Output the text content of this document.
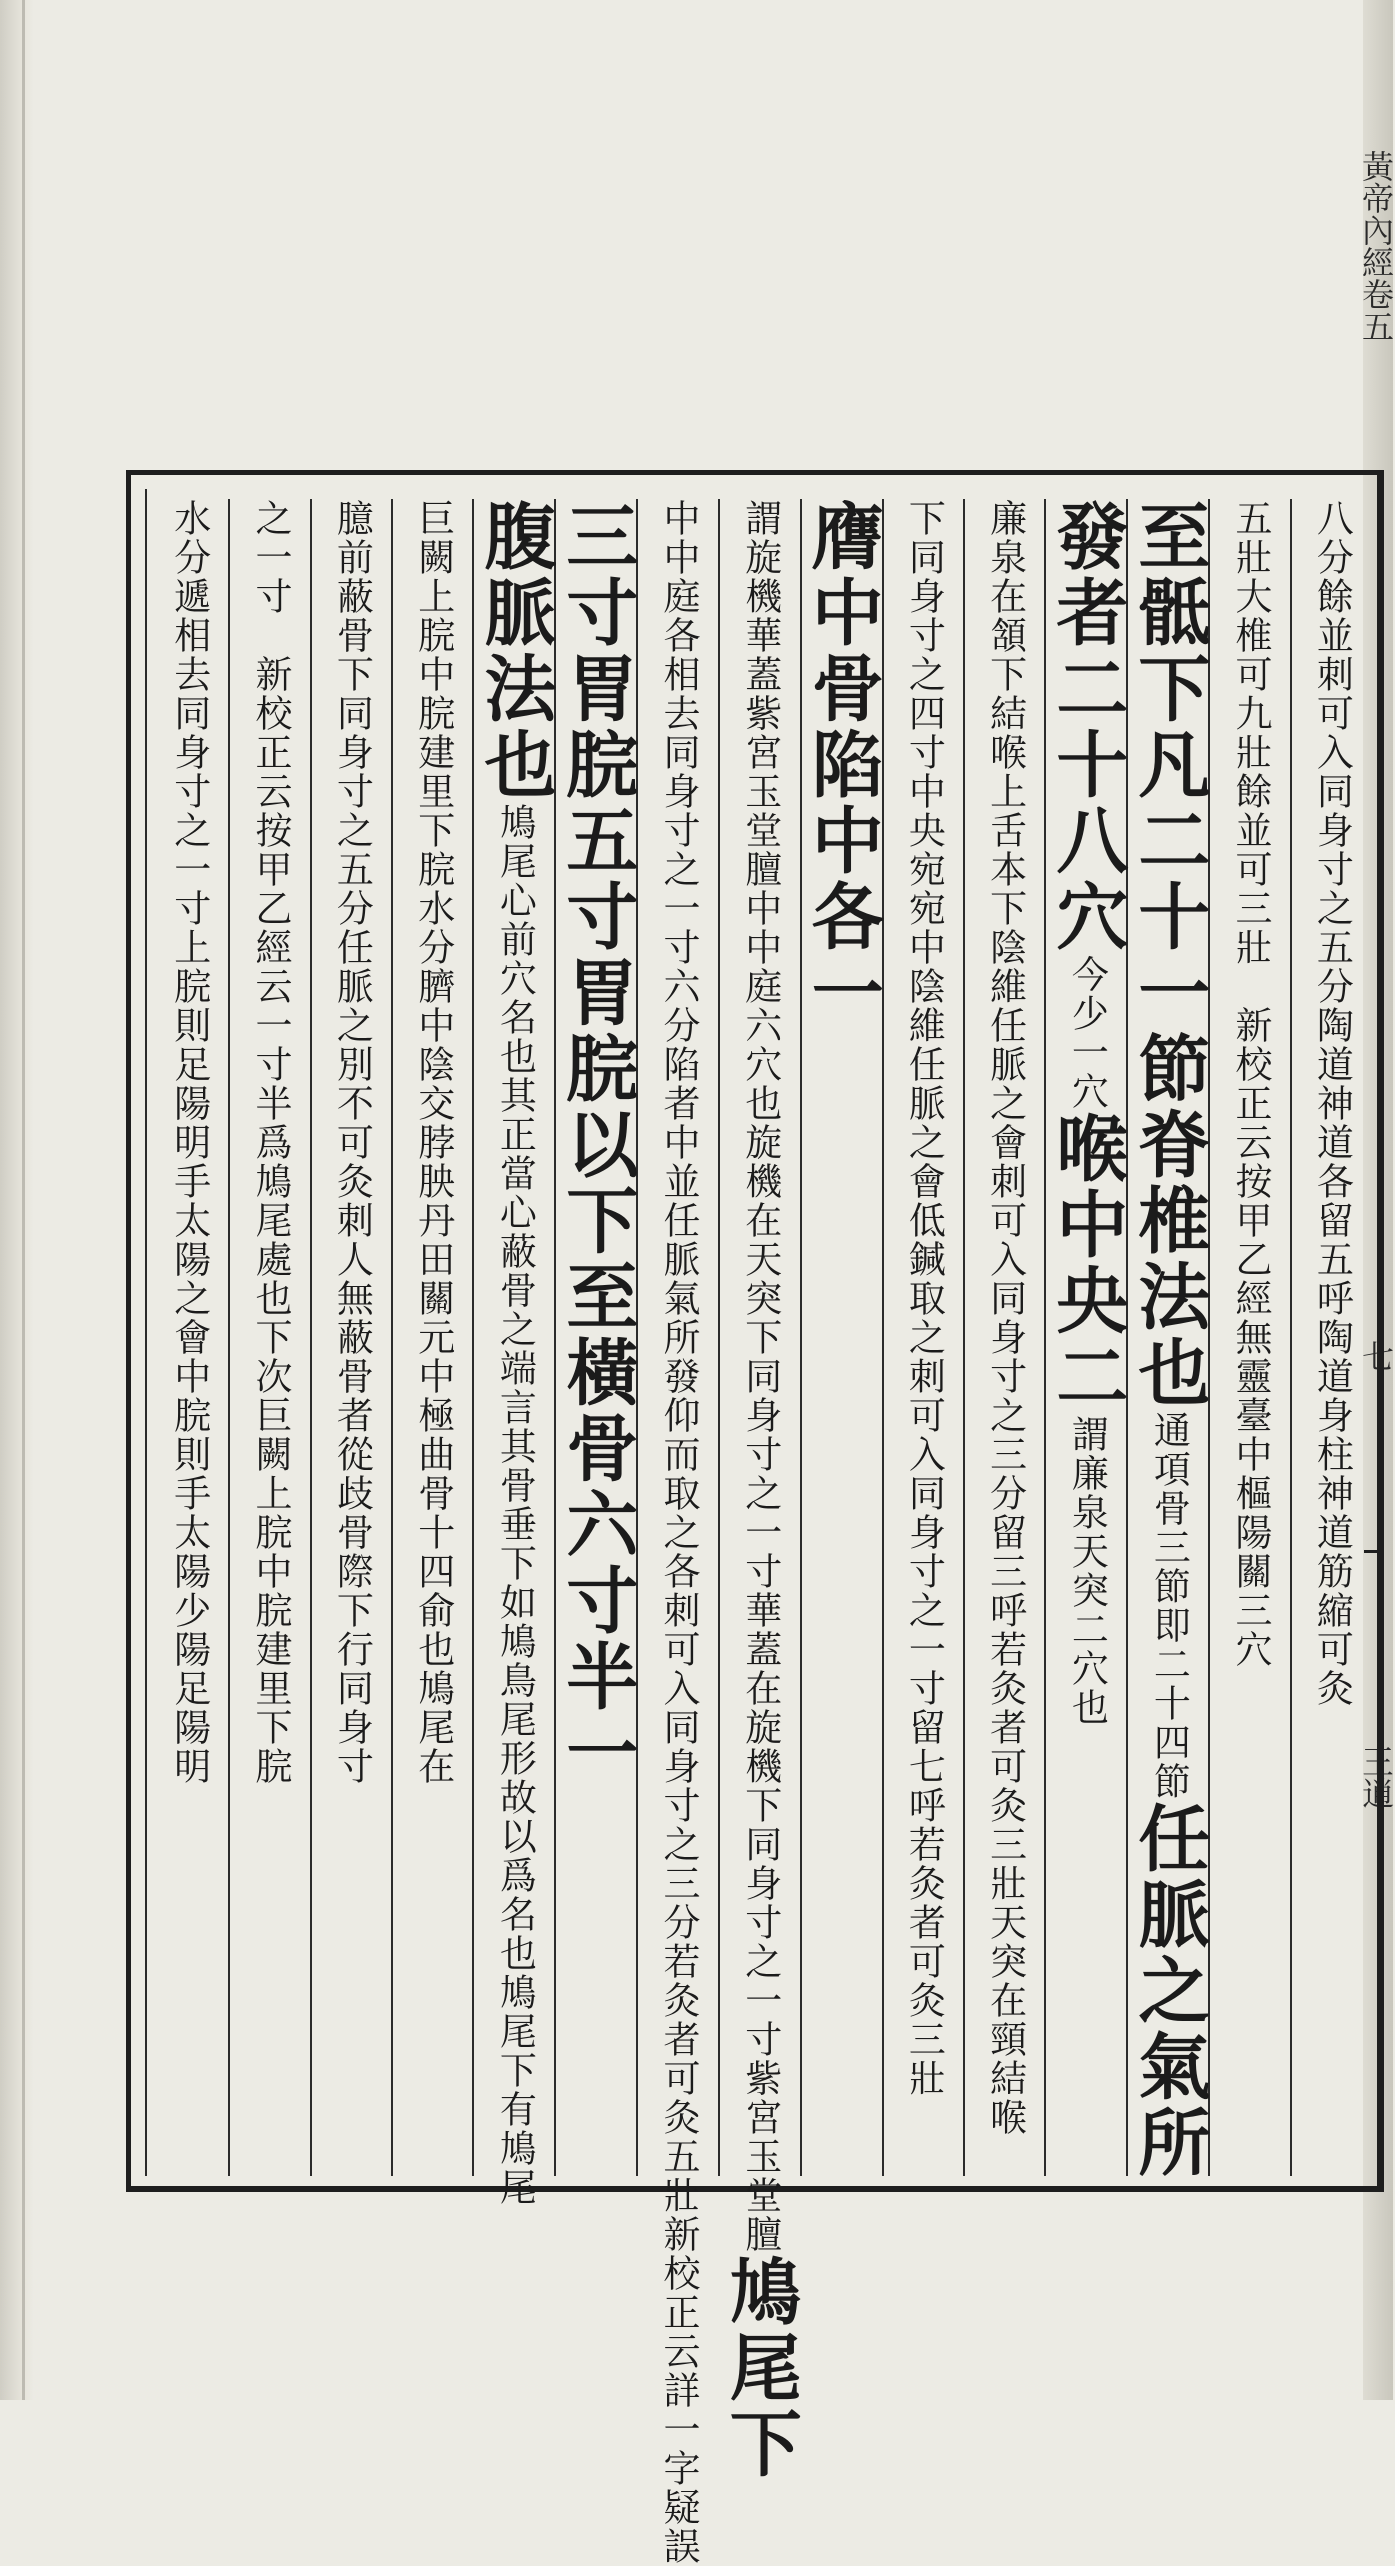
黃帝內經卷五
七
王逍
八分餘並刺可入同身寸之五分陶道神道各留五呼陶道身柱神道筋縮可灸
五壯大椎可九壯餘並可三壯　新校正云按甲乙經無靈臺中樞陽關三穴
至骶下凡二十一節脊椎法也
通項骨三節即二十四節
任脈之氣所
發者二十八穴
今少一穴
喉中央二
謂廉泉天突二穴也
廉泉在頷下結喉上舌本下陰維任脈之會刺可入同身寸之三分留三呼若灸者可灸三壯天突在頸結喉
下同身寸之四寸中央宛宛中陰維任脈之會低鍼取之刺可入同身寸之一寸留七呼若灸者可灸三壯
膺中骨陷中各一
謂旋機華蓋紫宮玉堂膻中中庭六穴也旋機在天突下同身寸之一寸華蓋在旋機下同身寸之一寸紫宮玉堂膻
鳩尾下
中中庭各相去同身寸之一寸六分陷者中並任脈氣所發仰而取之各刺可入同身寸之三分若灸者可灸五壯
新校正云詳一字疑誤
三寸胃脘五寸胃脘以下至橫骨六寸半一
腹脈法也
鳩尾心前穴名也其正當心蔽骨之端言其骨垂下如鳩鳥尾形故以爲名也鳩尾下有鳩尾
巨闕上脘中脘建里下脘水分臍中陰交脖胦丹田關元中極曲骨十四俞也鳩尾在
臆前蔽骨下同身寸之五分任脈之別不可灸刺人無蔽骨者從歧骨際下行同身寸
之一寸　新校正云按甲乙經云一寸半爲鳩尾處也下次巨闕上脘中脘建里下脘
水分遞相去同身寸之一寸上脘則足陽明手太陽之會中脘則手太陽少陽足陽明
